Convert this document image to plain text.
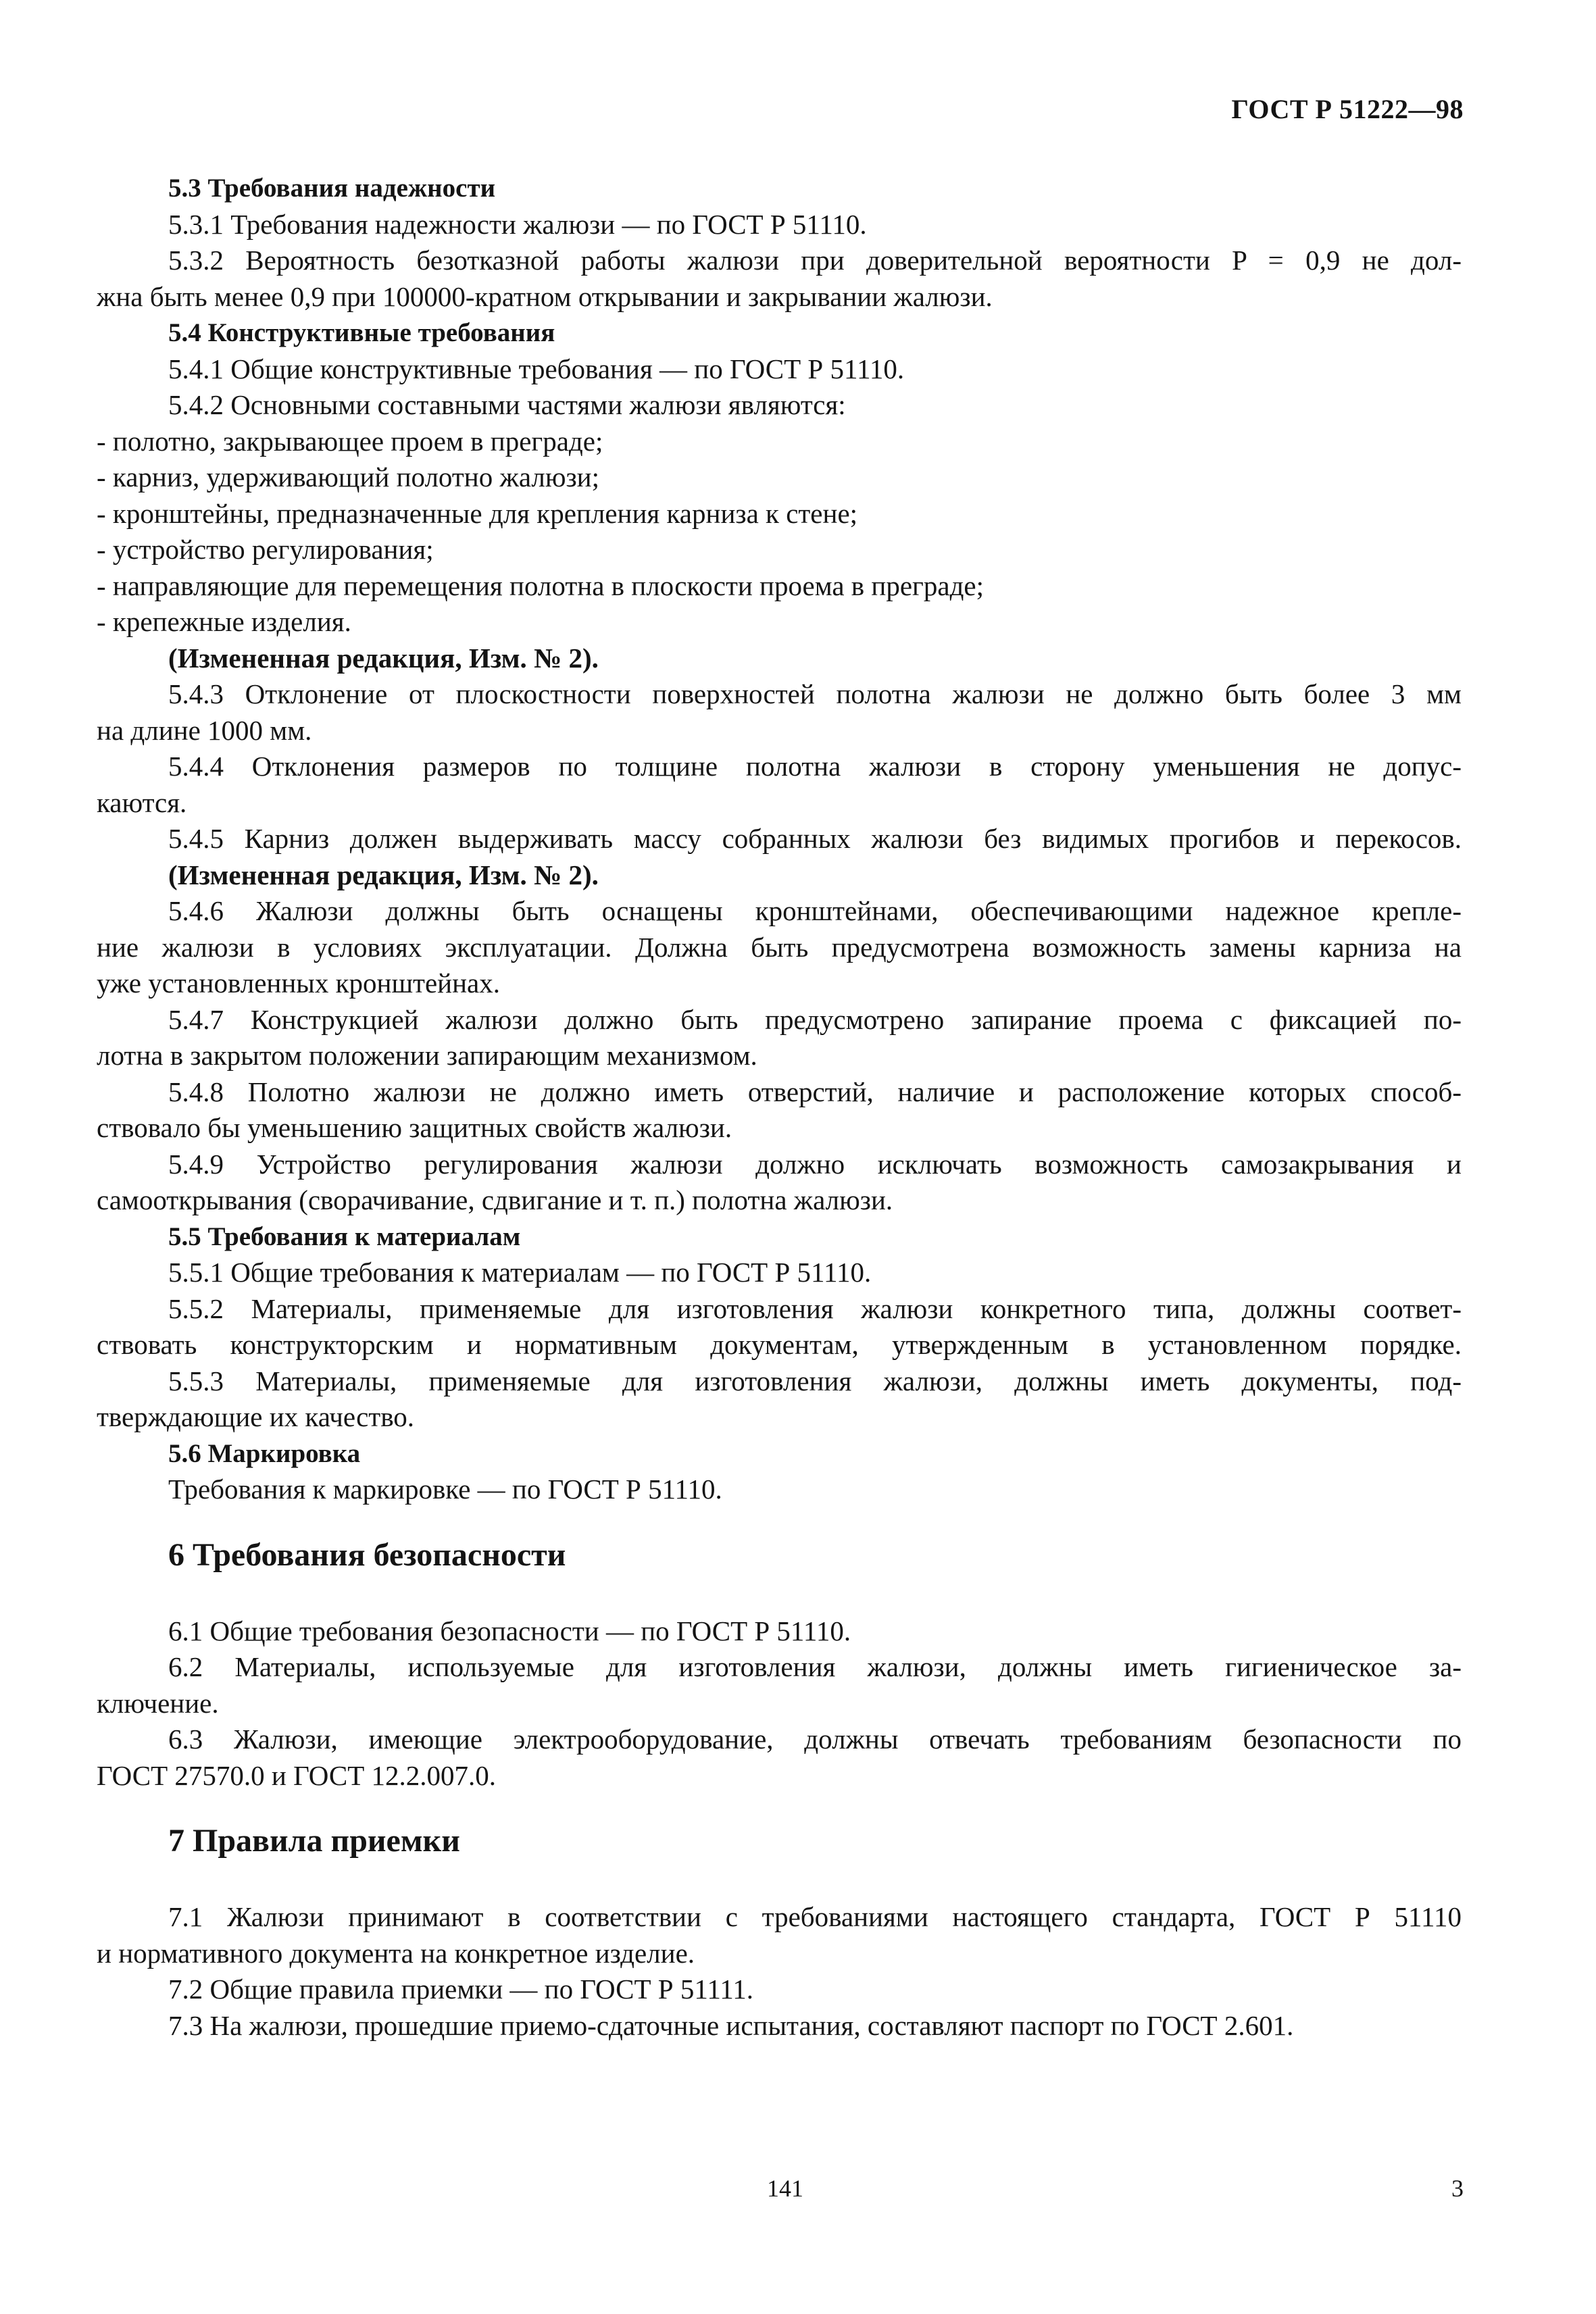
ГОСТ Р 51222—98
5.3 Требования надежности
5.3.1 Требования надежности жалюзи — по ГОСТ Р 51110.
5.3.2 Вероятность безотказной работы жалюзи при доверительной вероятности P = 0,9 не дол-
жна быть менее 0,9 при 100000-кратном открывании и закрывании жалюзи.
5.4 Конструктивные требования
5.4.1 Общие конструктивные требования — по ГОСТ Р 51110.
5.4.2 Основными составными частями жалюзи являются:
- полотно, закрывающее проем в преграде;
- карниз, удерживающий полотно жалюзи;
- кронштейны, предназначенные для крепления карниза к стене;
- устройство регулирования;
- направляющие для перемещения полотна в плоскости проема в преграде;
- крепежные изделия.
(Измененная редакция, Изм. № 2).
5.4.3 Отклонение от плоскостности поверхностей полотна жалюзи не должно быть более 3 мм
на длине 1000 мм.
5.4.4 Отклонения размеров по толщине полотна жалюзи в сторону уменьшения не допус-
каются.
5.4.5 Карниз должен выдерживать массу собранных жалюзи без видимых прогибов и перекосов.
(Измененная редакция, Изм. № 2).
5.4.6 Жалюзи должны быть оснащены кронштейнами, обеспечивающими надежное крепле-
ние жалюзи в условиях эксплуатации. Должна быть предусмотрена возможность замены карниза на
уже установленных кронштейнах.
5.4.7 Конструкцией жалюзи должно быть предусмотрено запирание проема с фиксацией по-
лотна в закрытом положении запирающим механизмом.
5.4.8 Полотно жалюзи не должно иметь отверстий, наличие и расположение которых способ-
ствовало бы уменьшению защитных свойств жалюзи.
5.4.9 Устройство регулирования жалюзи должно исключать возможность самозакрывания и
самооткрывания (сворачивание, сдвигание и т. п.) полотна жалюзи.
5.5 Требования к материалам
5.5.1 Общие требования к материалам — по ГОСТ Р 51110.
5.5.2 Материалы, применяемые для изготовления жалюзи конкретного типа, должны соответ-
ствовать конструкторским и нормативным документам, утвержденным в установленном порядке.
5.5.3 Материалы, применяемые для изготовления жалюзи, должны иметь документы, под-
тверждающие их качество.
5.6 Маркировка
Требования к маркировке — по ГОСТ Р 51110.
6 Требования безопасности
6.1 Общие требования безопасности — по ГОСТ Р 51110.
6.2 Материалы, используемые для изготовления жалюзи, должны иметь гигиеническое за-
ключение.
6.3 Жалюзи, имеющие электрооборудование, должны отвечать требованиям безопасности по
ГОСТ 27570.0 и ГОСТ 12.2.007.0.
7 Правила приемки
7.1 Жалюзи принимают в соответствии с требованиями настоящего стандарта, ГОСТ Р 51110
и нормативного документа на конкретное изделие.
7.2 Общие правила приемки — по ГОСТ Р 51111.
7.3 На жалюзи, прошедшие приемо-сдаточные испытания, составляют паспорт по ГОСТ 2.601.
141	3
